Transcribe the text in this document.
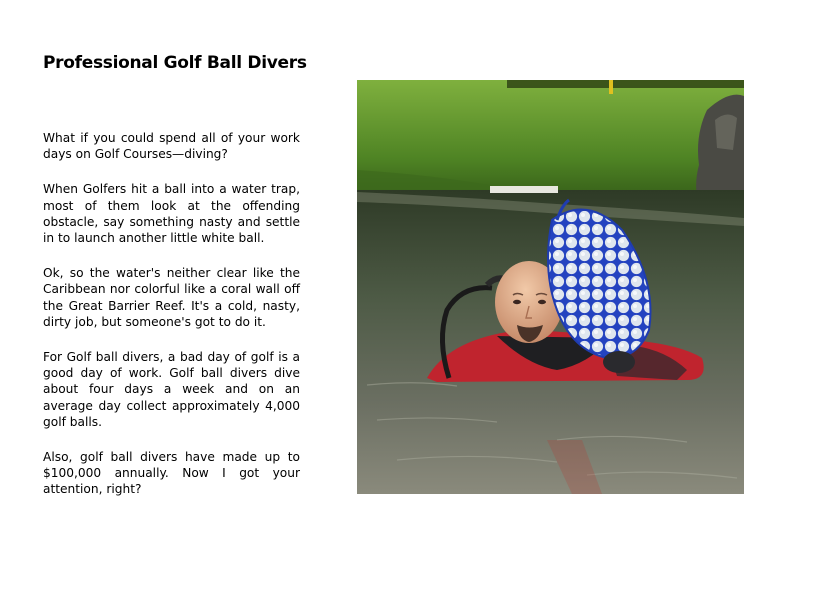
Professional Golf Ball Divers

What if you could spend all of your work days on Golf Courses—diving?

When Golfers hit a ball into a water trap, most of them look at the offending obstacle, say something nasty and settle in to launch another little white ball.

Ok, so the water's neither clear like the Caribbean nor colorful like a coral wall off the Great Barrier Reef. It's a cold, nasty, dirty job, but someone's got to do it.

For Golf ball divers, a bad day of golf is a good day of work. Golf ball divers dive about four days a week and on an average day collect approximately 4,000 golf balls.

Also, golf ball divers have made up to $100,000 annually. Now I got your attention, right?
